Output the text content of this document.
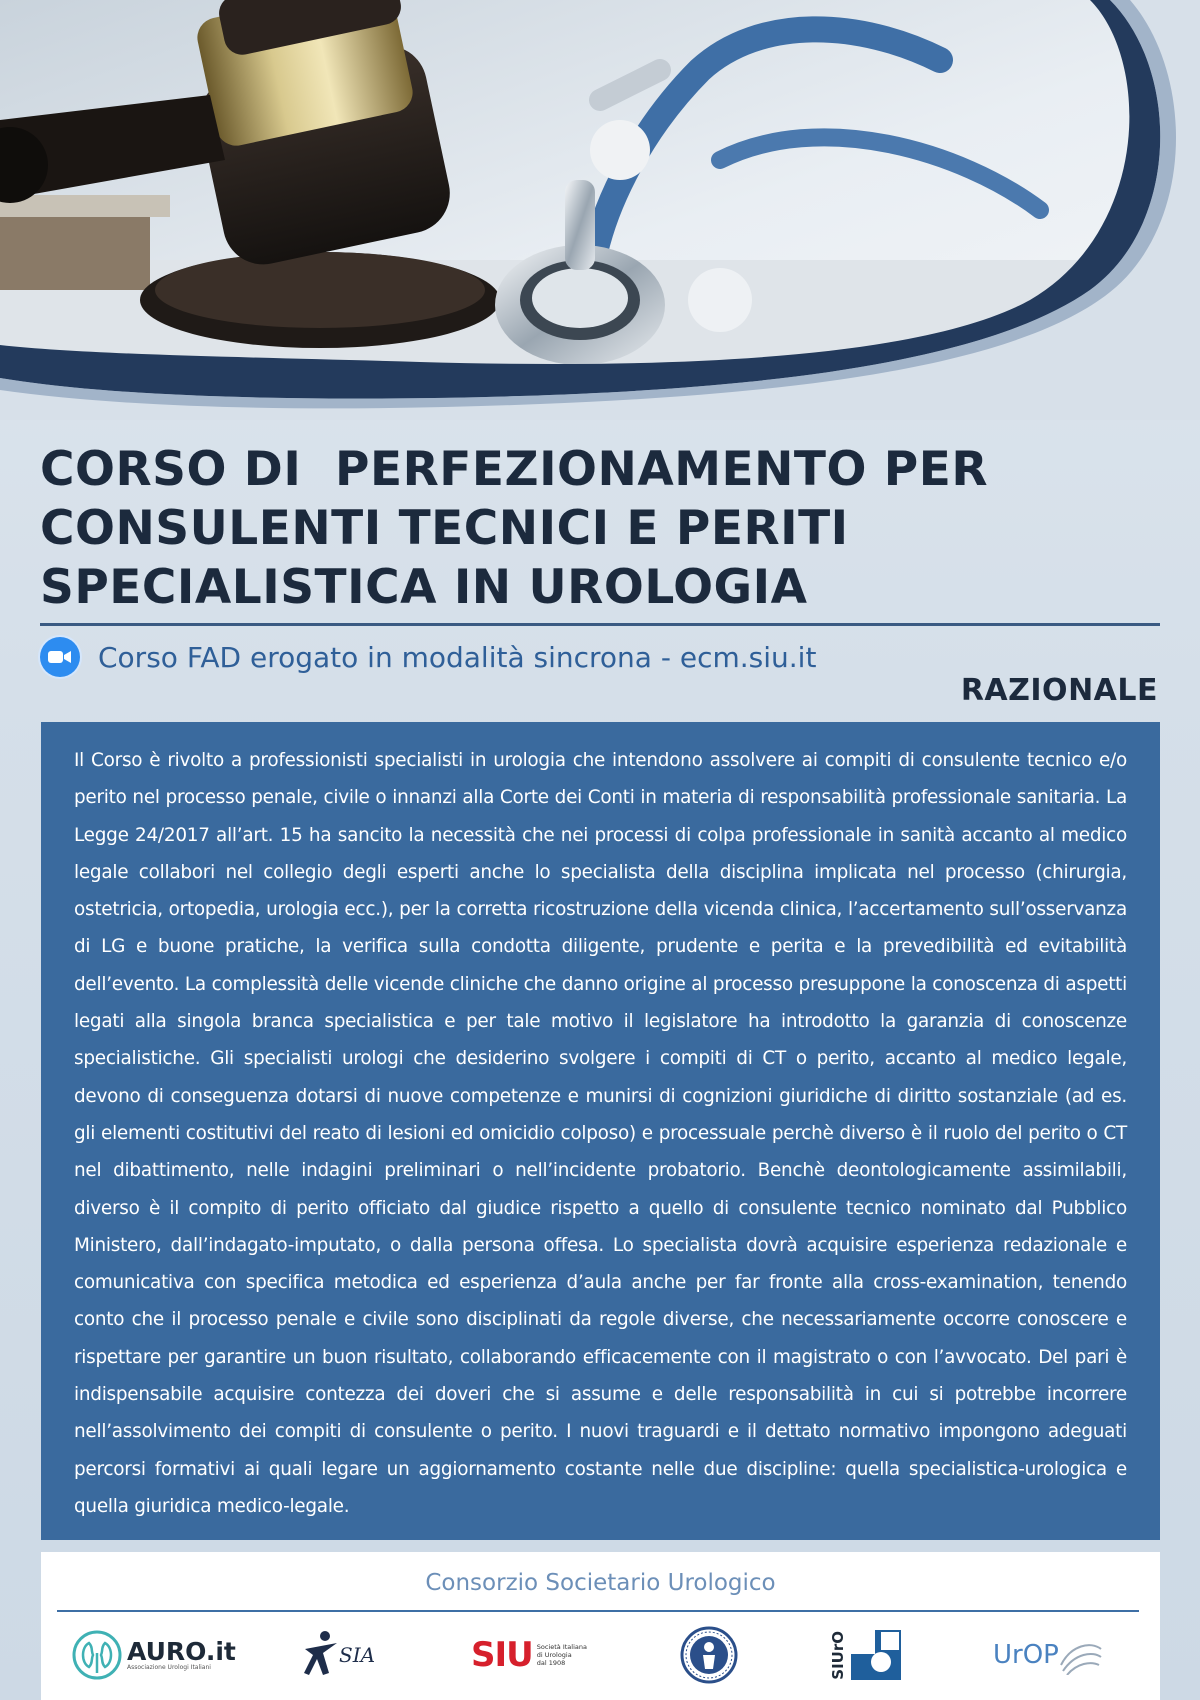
CORSO DI  PERFEZIONAMENTO PER
CONSULENTI TECNICI E PERITI
SPECIALISTICA IN UROLOGIA
Corso FAD erogato in modalità sincrona - ecm.siu.it
RAZIONALE

Il Corso è rivolto a professionisti specialisti in urologia che intendono assolvere ai compiti di consulente tecnico e/o perito nel processo penale, civile o innanzi alla Corte dei Conti in materia di responsabilità professionale sanitaria. La Legge 24/2017 all’art. 15 ha sancito la necessità che nei processi di colpa professionale in sanità accanto al medico legale collabori nel collegio degli esperti anche lo specialista della disciplina implicata nel processo (chirurgia, ostetricia, ortopedia, urologia ecc.), per la corretta ricostruzione della vicenda clinica, l’accertamento sull’osservanza di LG e buone pratiche, la verifica sulla condotta diligente, prudente e perita e la prevedibilità ed evitabilità dell’evento. La complessità delle vicende cliniche che danno origine al processo presuppone la conoscenza di aspetti legati alla singola branca specialistica e per tale motivo il legislatore ha introdotto la garanzia di conoscenze specialistiche. Gli specialisti urologi che desiderino svolgere i compiti di CT o perito, accanto al medico legale, devono di conseguenza dotarsi di nuove competenze e munirsi di cognizioni giuridiche di diritto sostanziale (ad es. gli elementi costitutivi del reato di lesioni ed omicidio colposo) e processuale perchè diverso è il ruolo del perito o CT nel dibattimento, nelle indagini preliminari o nell’incidente probatorio. Benchè deontologicamente assimilabili, diverso è il compito di perito officiato dal giudice rispetto a quello di consulente tecnico nominato dal Pubblico Ministero, dall’indagato-imputato, o dalla persona offesa. Lo specialista dovrà acquisire esperienza redazionale e comunicativa con specifica metodica ed esperienza d’aula anche per far fronte alla cross-examination, tenendo conto che il processo penale e civile sono disciplinati da regole diverse, che necessariamente occorre conoscere e rispettare per garantire un buon risultato, collaborando efficacemente con il magistrato o con l’avvocato. Del pari è indispensabile acquisire contezza dei doveri che si assume e delle responsabilità in cui si potrebbe incorrere nell’assolvimento dei compiti di consulente o perito. I nuovi traguardi e il dettato normativo impongono adeguati percorsi formativi ai quali legare un aggiornamento costante nelle due discipline: quella specialistica-urologica e quella giuridica medico-legale.

Consorzio Societario Urologico
AURO.it
Associazione Urologi Italiani	SIA	SIU Società Italiana
di Urologia
dal 1908	SIUrO	UrOP
